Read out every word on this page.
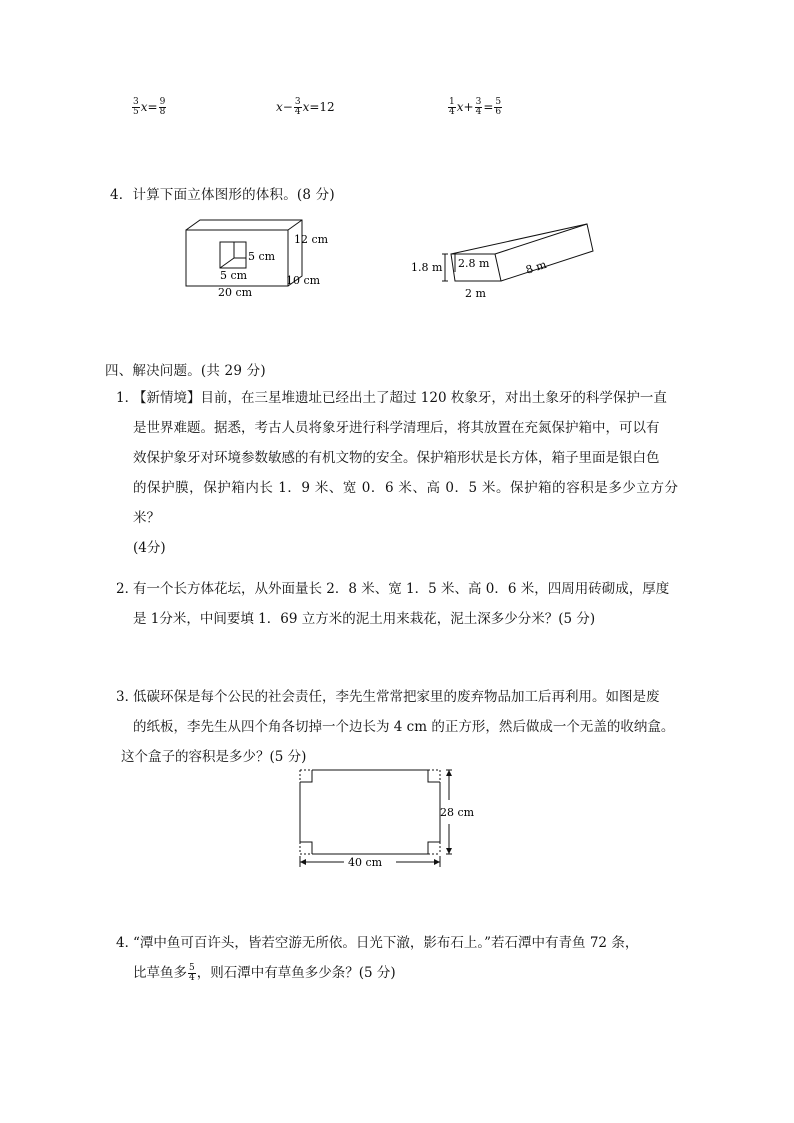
$\frac{3}{5} x= \frac{9}{8}$	$x- \frac{3}{4} x=12$	$\frac{1}{4} x+ \frac{3}{4} = \frac{5}{6}$
4．计算下面立体图形的体积。(8 分)
5 cm
5 cm
12 cm
20 cm
10 cm
1.8 m 2.8 m	8 m
2 m
四、解决问题。(共 29 分)
1．
【新情境】目前，在三星堆遗址已经出土了超过 120 枚象牙，对出土象牙的科学保护一直
是世界难题。据悉，考古人员将象牙进行科学清理后，将其放置在充氮保护箱中，可以有
效保护象牙对环境参数敏感的有机文物的安全。保护箱形状是长方体，箱子里面是银白色
的保护膜，保护箱内长 1．9 米、宽 0．6 米、高 0．5 米。保护箱的容积是多少立方分米？
(4分)
2．
有一个长方体花坛，从外面量长 2．8 米、宽 1．5 米、高 0．6 米，四周用砖砌成，厚度
是 1分米，中间要填 1．69 立方米的泥土用来栽花，泥土深多少分米？(5 分)
3．
低碳环保是每个公民的社会责任，李先生常常把家里的废弃物品加工后再利用。如图是废
的纸板，李先生从四个角各切掉一个边长为 4 cm 的正方形，然后做成一个无盖的收纳盒。
这个盒子的容积是多少？(5 分)
28 cm
40 cm
4．
“潭中鱼可百许头，皆若空游无所依。日光下澈，影布石上。”若石潭中有青鱼 72 条，
比草鱼多 $\frac{5}{4}$ ，则石潭中有草鱼多少条？(5 分)
